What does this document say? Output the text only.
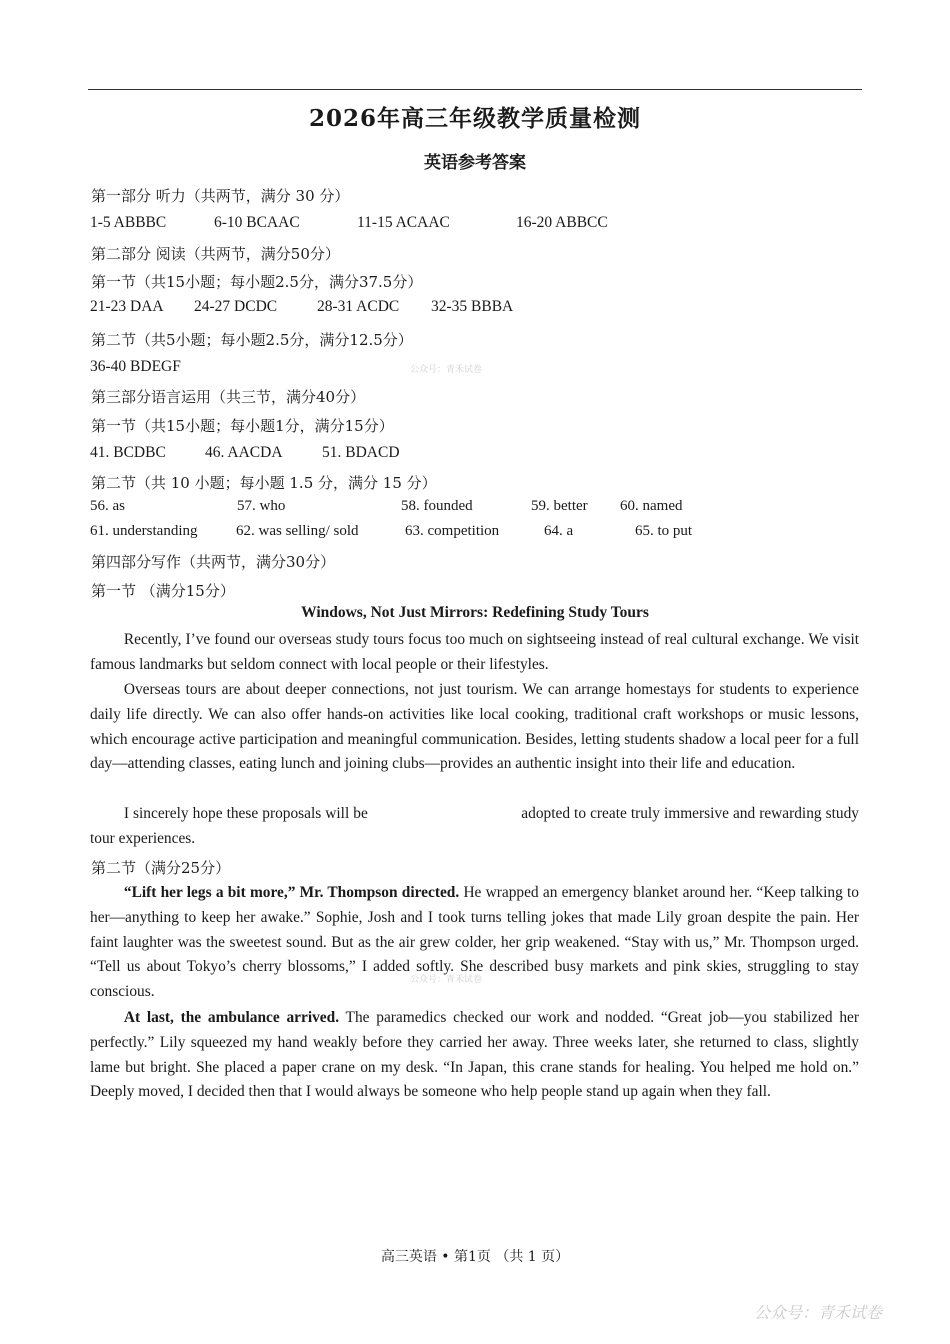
2026年高三年级教学质量检测
英语参考答案
第一部分 听力（共两节，满分 30 分）
1-5 ABBBC	6-10 BCAAC	11-15 ACAAC	16-20 ABBCC
第二部分 阅读（共两节，满分50分）
第一节（共15小题；每小题2.5分，满分37.5分）
21-23 DAA 24-27 DCDC	28-31 ACDC 32-35 BBBA
第二节（共5小题；每小题2.5分，满分12.5分）
36-40 BDEGF	公众号：青禾试卷
第三部分语言运用（共三节，满分40分）
第一节（共15小题；每小题1分，满分15分）
41. BCDBC	46. AACDA	51. BDACD
第二节（共 10 小题；每小题 1.5 分，满分 15 分）
56. as	57. who	58. founded	59. better 60. named
61. understanding	62. was selling/ sold	63. competition	64. a	65. to put
第四部分写作（共两节，满分30分）
第一节 （满分15分）
Windows, Not Just Mirrors: Redefining Study Tours

Recently, I’ve found our overseas study tours focus too much on sightseeing instead of real cultural exchange. We visit famous landmarks but seldom connect with local people or their lifestyles.

Overseas tours are about deeper connections, not just tourism. We can arrange homestays for students to experience daily life directly. We can also offer hands-on activities like local cooking, traditional craft workshops or music lessons, which encourage active participation and meaningful communication. Besides, letting students shadow a local peer for a full day—attending classes, eating lunch and joining clubs—provides an authentic insight into their life and education.

I sincerely hope these proposals will be                                      adopted to create truly immersive and rewarding study tour experiences.

第二节（满分25分）

“Lift her legs a bit more,” Mr. Thompson directed. He wrapped an emergency blanket around her. “Keep talking to her—anything to keep her awake.” Sophie, Josh and I took turns telling jokes that made Lily groan despite the pain. Her faint laughter was the sweetest sound. But as the air grew colder, her grip weakened. “Stay with us,” Mr. Thompson urged. “Tell us about Tokyo’s cherry blossoms,” I added softly. She described busy markets and pink skies, struggling to stay conscious.

公众号：青禾试卷

At last, the ambulance arrived. The paramedics checked our work and nodded. “Great job—you stabilized her perfectly.” Lily squeezed my hand weakly before they carried her away. Three weeks later, she returned to class, slightly lame but bright. She placed a paper crane on my desk. “In Japan, this crane stands for healing. You helped me hold on.” Deeply moved, I decided then that I would always be someone who help people stand up again when they fall.

高三英语 • 第1页 （共 1 页）
公众号：青禾试卷
